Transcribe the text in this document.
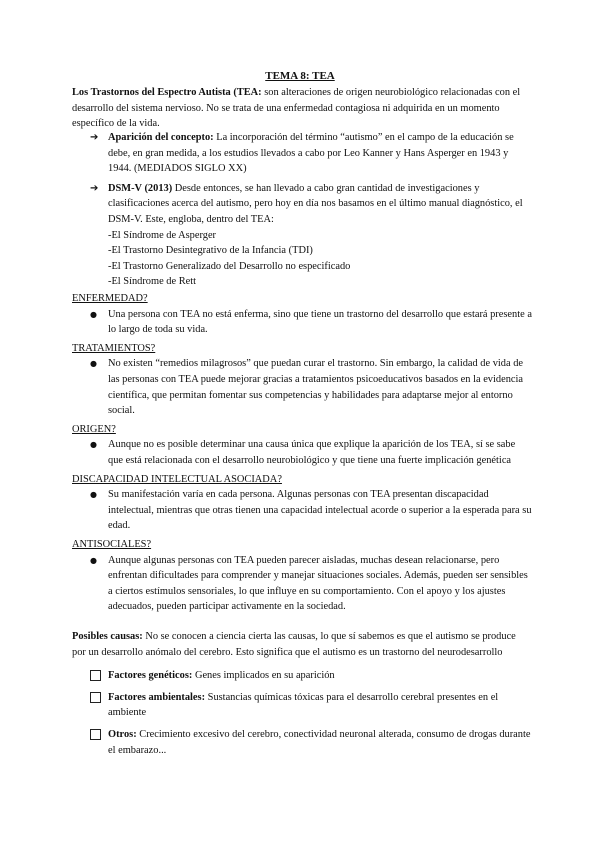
TEMA 8: TEA
Los Trastornos del Espectro Autista (TEA: son alteraciones de origen neurobiológico relacionadas con el desarrollo del sistema nervioso. No se trata de una enfermedad contagiosa ni adquirida en un momento específico de la vida.
➔ Aparición del concepto: La incorporación del término “autismo” en el campo de la educación se debe, en gran medida, a los estudios llevados a cabo por Leo Kanner y Hans Asperger en 1943 y 1944. (MEDIADOS SIGLO XX)
➔ DSM-V (2013) Desde entonces, se han llevado a cabo gran cantidad de investigaciones y clasificaciones acerca del autismo, pero hoy en día nos basamos en el último manual diagnóstico, el DSM-V. Este, engloba, dentro del TEA:
-El Síndrome de Asperger
-El Trastorno Desintegrativo de la Infancia (TDI)
-El Trastorno Generalizado del Desarrollo no especificado
-El Síndrome de Rett
ENFERMEDAD?
● Una persona con TEA no está enferma, sino que tiene un trastorno del desarrollo que estará presente a lo largo de toda su vida.
TRATAMIENTOS?
● No existen “remedios milagrosos” que puedan curar el trastorno. Sin embargo, la calidad de vida de las personas con TEA puede mejorar gracias a tratamientos psicoeducativos basados en la evidencia científica, que permitan fomentar sus competencias y habilidades para adaptarse mejor al entorno social.
ORIGEN?
● Aunque no es posible determinar una causa única que explique la aparición de los TEA, sí se sabe que está relacionada con el desarrollo neurobiológico y que tiene una fuerte implicación genética
DISCAPACIDAD INTELECTUAL ASOCIADA?
● Su manifestación varía en cada persona. Algunas personas con TEA presentan discapacidad intelectual, mientras que otras tienen una capacidad intelectual acorde o superior a la esperada para su edad.
ANTISOCIALES?
● Aunque algunas personas con TEA pueden parecer aisladas, muchas desean relacionarse, pero enfrentan dificultades para comprender y manejar situaciones sociales. Además, pueden ser sensibles a ciertos estímulos sensoriales, lo que influye en su comportamiento. Con el apoyo y los ajustes adecuados, pueden participar activamente en la sociedad.
Posibles causas: No se conocen a ciencia cierta las causas, lo que sí sabemos es que el autismo se produce por un desarrollo anómalo del cerebro. Esto significa que el autismo es un trastorno del neurodesarrollo
Factores genéticos: Genes implicados en su aparición
Factores ambientales: Sustancias químicas tóxicas para el desarrollo cerebral presentes en el ambiente
Otros: Crecimiento excesivo del cerebro, conectividad neuronal alterada, consumo de drogas durante el embarazo...
